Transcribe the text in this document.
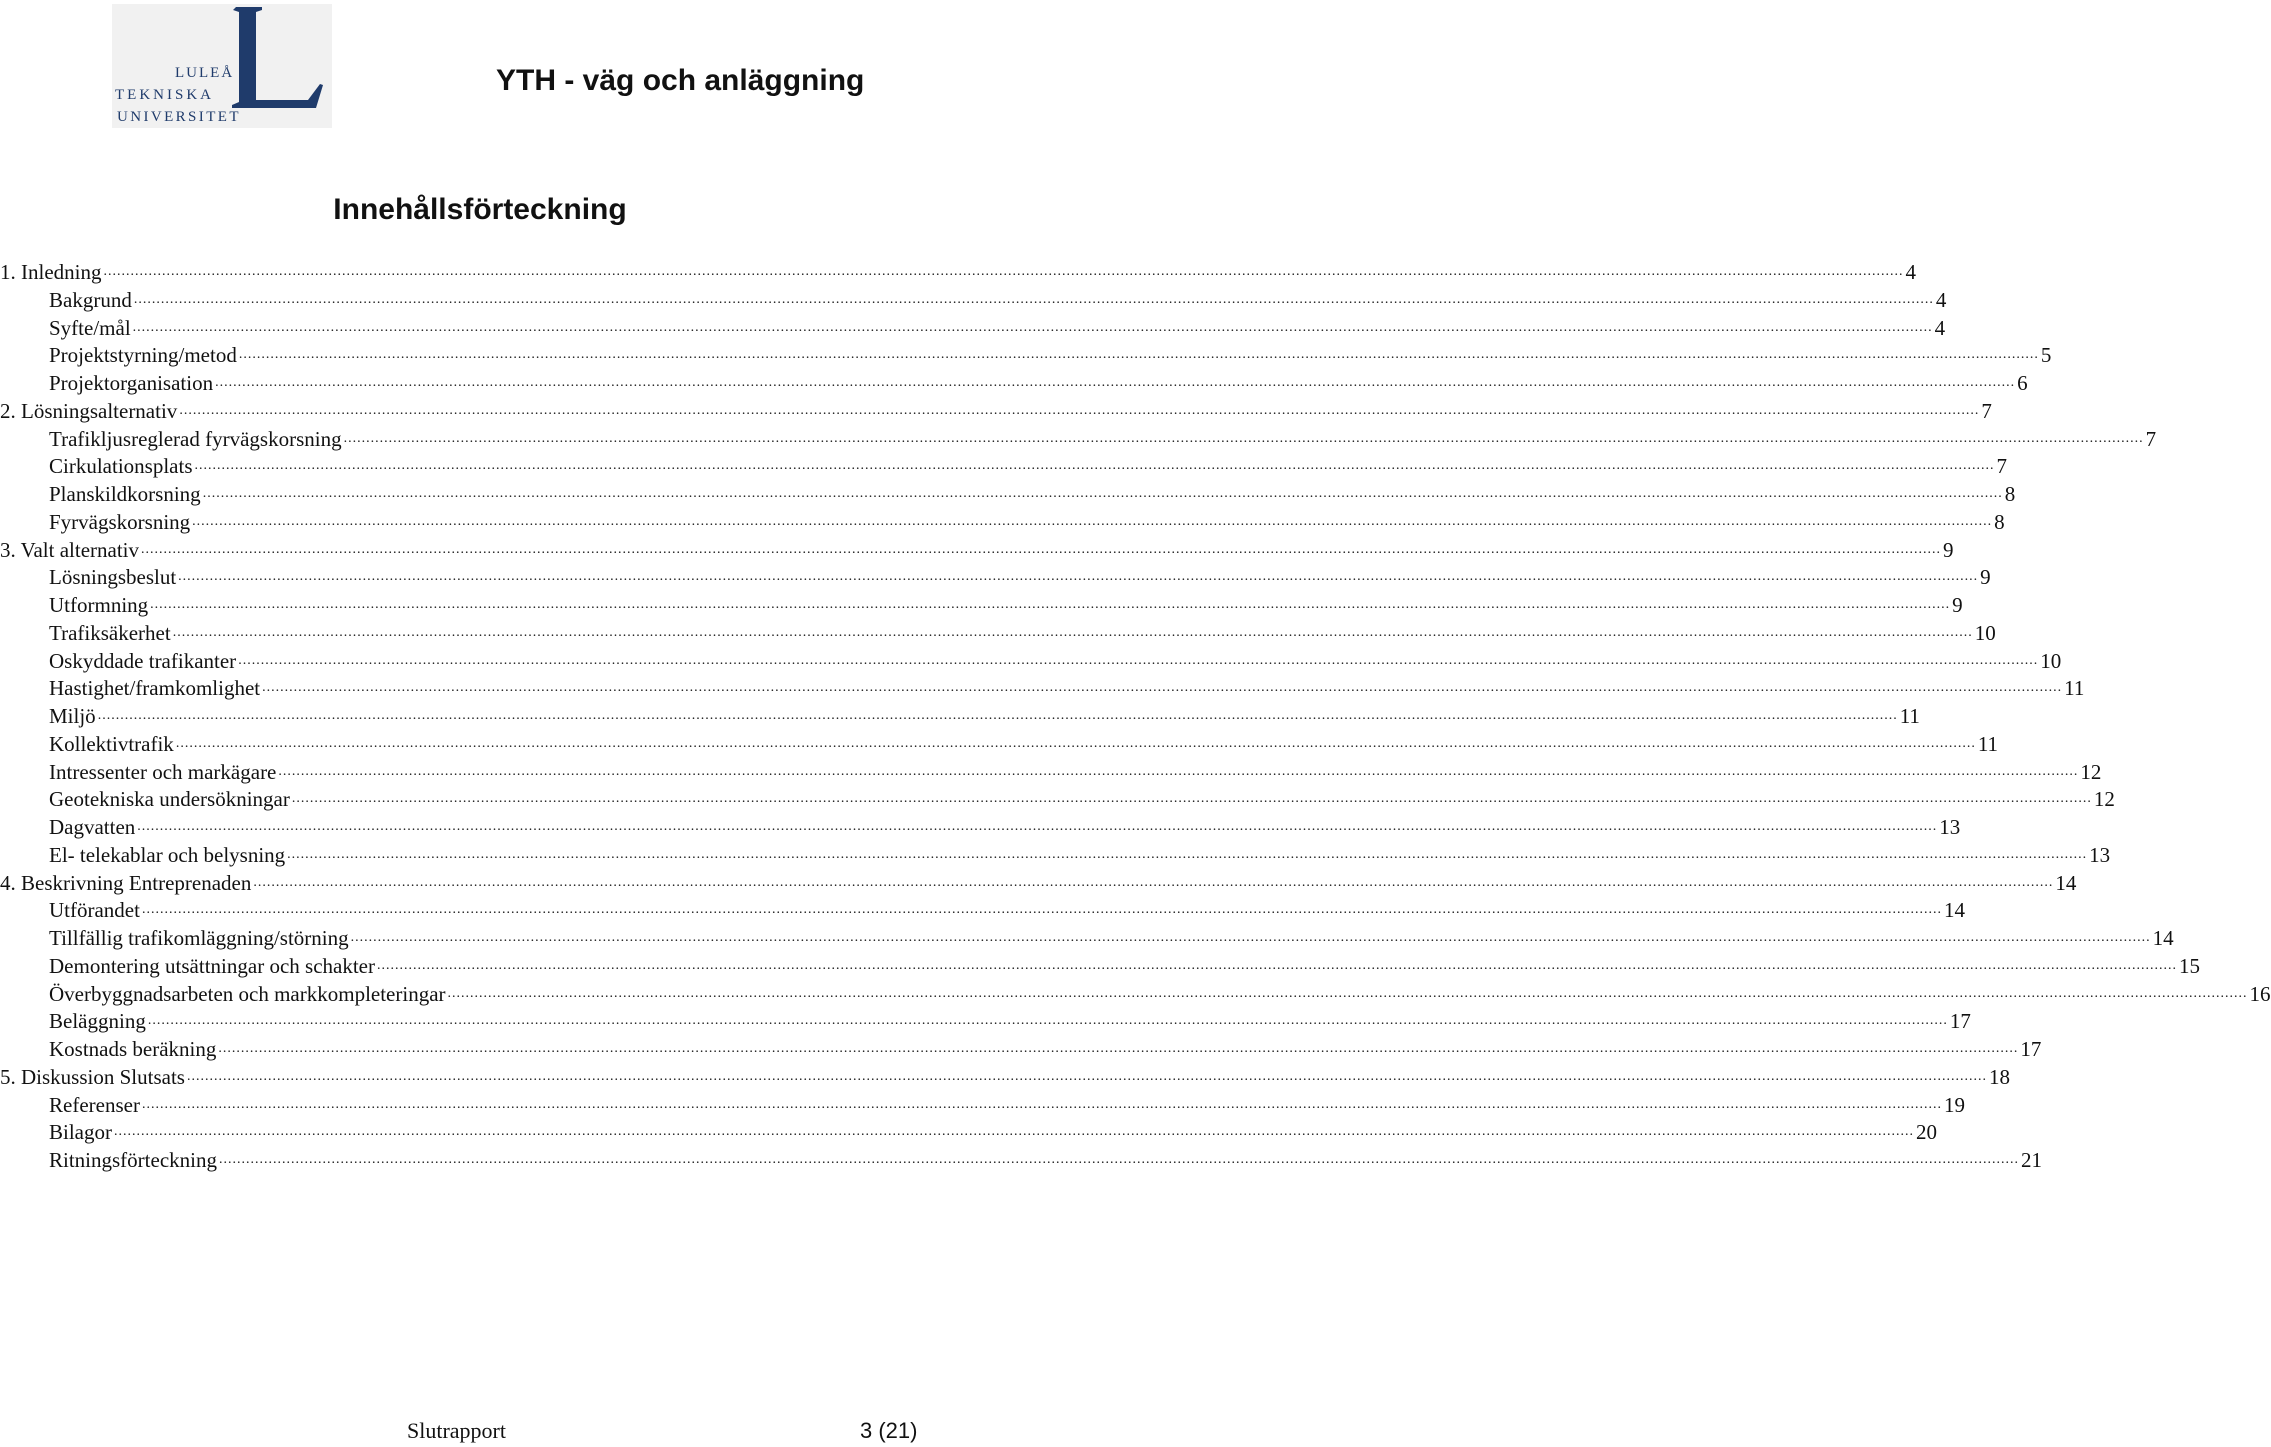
LULEÅ
TEKNISKA
UNIVERSITET
YTH - väg och anläggning
Innehållsförteckning
1. Inledning ................................................................................................................................................................................................................................................................................................................................................................................................................ 4
Bakgrund ................................................................................................................................................................................................................................................................................................................................................................................................................ 4
Syfte/mål ................................................................................................................................................................................................................................................................................................................................................................................................................ 4
Projektstyrning/metod ................................................................................................................................................................................................................................................................................................................................................................................................................ 5
Projektorganisation ................................................................................................................................................................................................................................................................................................................................................................................................................ 6
2. Lösningsalternativ ................................................................................................................................................................................................................................................................................................................................................................................................................ 7
Trafikljusreglerad fyrvägskorsning ................................................................................................................................................................................................................................................................................................................................................................................................................ 7
Cirkulationsplats ................................................................................................................................................................................................................................................................................................................................................................................................................ 7
Planskildkorsning ................................................................................................................................................................................................................................................................................................................................................................................................................ 8
Fyrvägskorsning ................................................................................................................................................................................................................................................................................................................................................................................................................ 8
3. Valt alternativ ................................................................................................................................................................................................................................................................................................................................................................................................................ 9
Lösningsbeslut ................................................................................................................................................................................................................................................................................................................................................................................................................ 9
Utformning ................................................................................................................................................................................................................................................................................................................................................................................................................ 9
Trafiksäkerhet ................................................................................................................................................................................................................................................................................................................................................................................................................ 10
Oskyddade trafikanter ................................................................................................................................................................................................................................................................................................................................................................................................................ 10
Hastighet/framkomlighet ................................................................................................................................................................................................................................................................................................................................................................................................................ 11
Miljö ................................................................................................................................................................................................................................................................................................................................................................................................................ 11
Kollektivtrafik ................................................................................................................................................................................................................................................................................................................................................................................................................ 11
Intressenter och markägare ................................................................................................................................................................................................................................................................................................................................................................................................................ 12
Geotekniska undersökningar ................................................................................................................................................................................................................................................................................................................................................................................................................ 12
Dagvatten ................................................................................................................................................................................................................................................................................................................................................................................................................ 13
El- telekablar och belysning ................................................................................................................................................................................................................................................................................................................................................................................................................ 13
4. Beskrivning Entreprenaden ................................................................................................................................................................................................................................................................................................................................................................................................................ 14
Utförandet ................................................................................................................................................................................................................................................................................................................................................................................................................ 14
Tillfällig trafikomläggning/störning ................................................................................................................................................................................................................................................................................................................................................................................................................ 14
Demontering utsättningar och schakter ................................................................................................................................................................................................................................................................................................................................................................................................................ 15
Överbyggnadsarbeten och markkompleteringar ................................................................................................................................................................................................................................................................................................................................................................................................................ 16
Beläggning ................................................................................................................................................................................................................................................................................................................................................................................................................ 17
Kostnads beräkning ................................................................................................................................................................................................................................................................................................................................................................................................................ 17
5. Diskussion Slutsats ................................................................................................................................................................................................................................................................................................................................................................................................................ 18
Referenser ................................................................................................................................................................................................................................................................................................................................................................................................................ 19
Bilagor ................................................................................................................................................................................................................................................................................................................................................................................................................ 20
Ritningsförteckning ................................................................................................................................................................................................................................................................................................................................................................................................................ 21
Slutrapport	3 (21)
